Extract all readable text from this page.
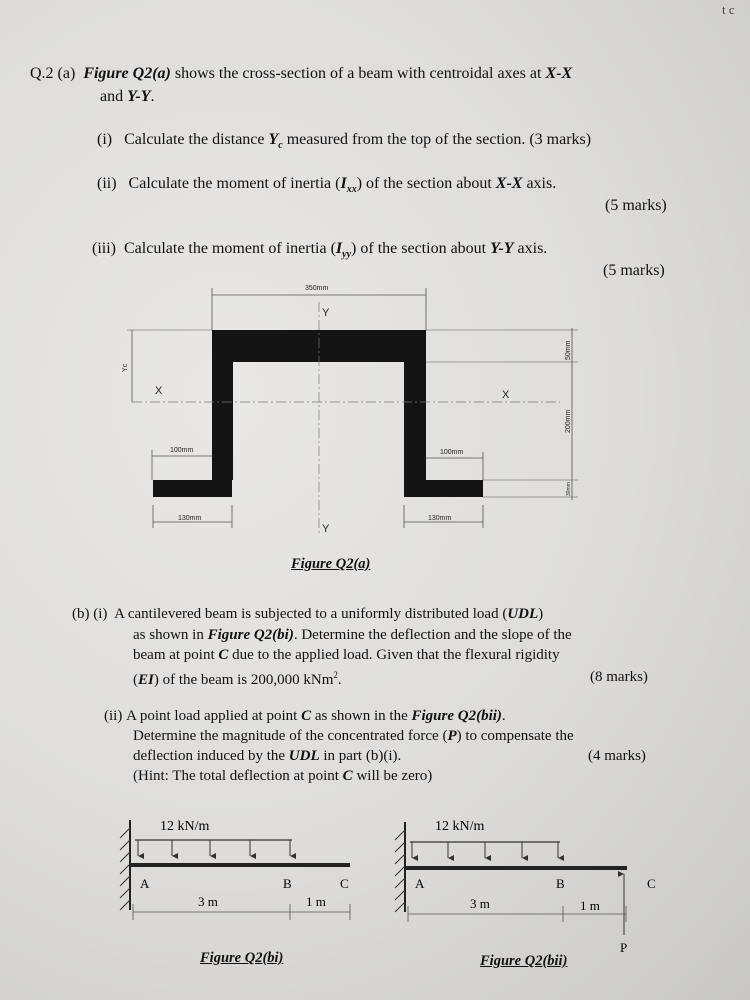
t c
Q.2 (a) Figure Q2(a) shows the cross-section of a beam with centroidal axes at X-X
and Y-Y.
(i) Calculate the distance $Y_c$ measured from the top of the section. (3 marks)
(ii) Calculate the moment of inertia $(I_{xx})$ of the section about X-X axis.
(5 marks)
(iii) Calculate the moment of inertia $(I_{yy})$ of the section about Y-Y axis.
(5 marks)
350mm
Y
Y
X	X
Yc
100mm	100mm
130mm	130mm
50mm
200mm
30mm
Figure Q2(a)
(b) (i) A cantilevered beam is subjected to a uniformly distributed load (UDL)
as shown in Figure Q2(bi). Determine the deflection and the slope of the
beam at point C due to the applied load. Given that the flexural rigidity
(EI) of the beam is 200,000 kNm$^2$.	(8 marks)
(ii) A point load applied at point C as shown in the Figure Q2(bii).
Determine the magnitude of the concentrated force (P) to compensate the
deflection induced by the UDL in part (b)(i).	(4 marks)
(Hint: The total deflection at point C will be zero)
12 kN/m
A	B	C
3 m	1 m
12 kN/m
A	B	C
P
3 m	1 m
Figure Q2(bi)	Figure Q2(bii)
